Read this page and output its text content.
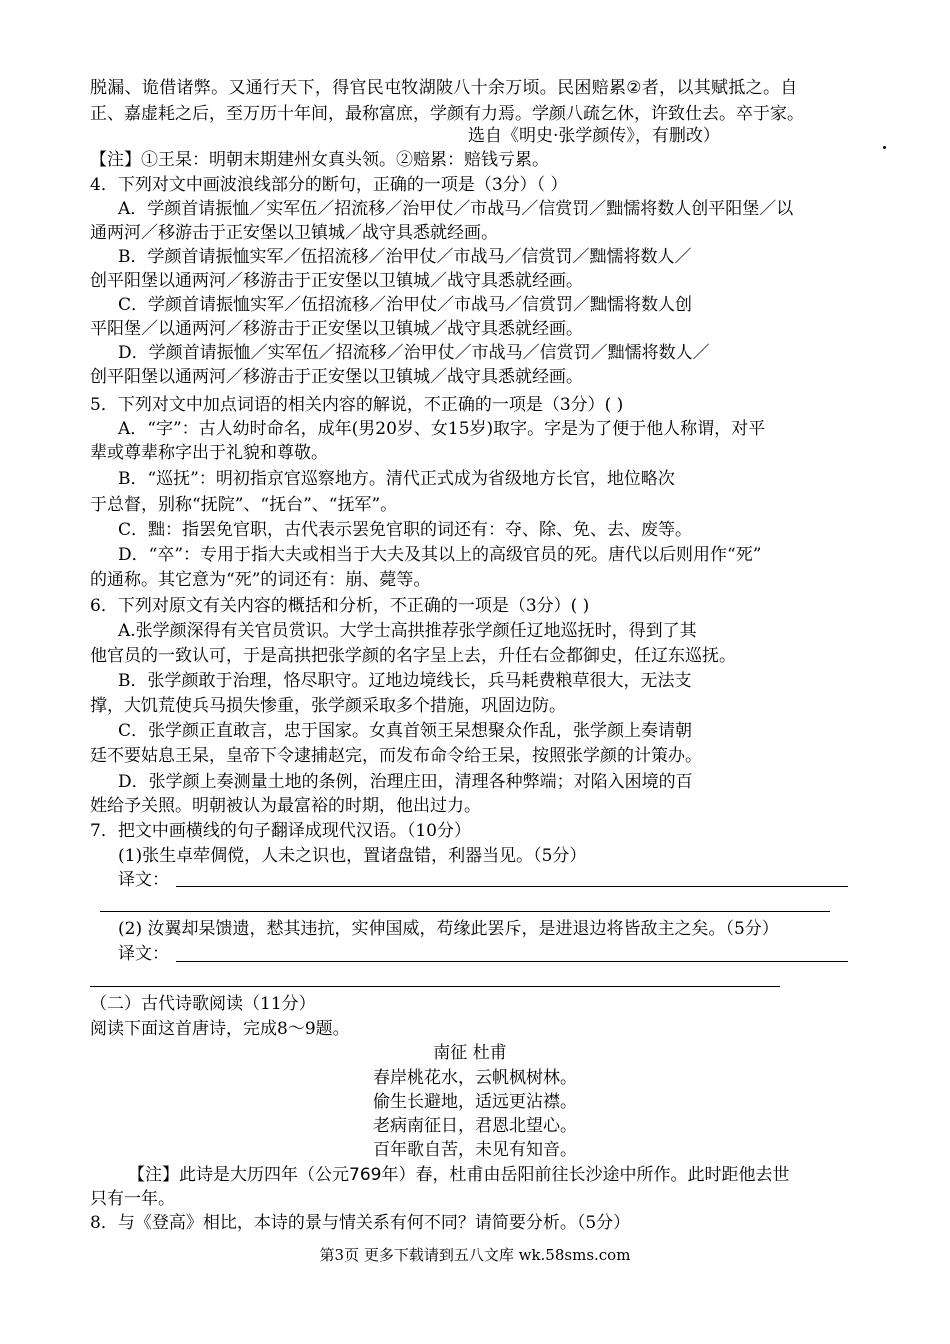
脱漏、诡借诸弊。又通行天下，得官民屯牧湖陂八十余万顷。民困赔累②者，以其赋抵之。自
正、嘉虚耗之后，至万历十年间，最称富庶，学颜有力焉。学颜八疏乞休，许致仕去。卒于家。
选自《明史·张学颜传》，有删改）
【注】①王杲：明朝末期建州女真头领。②赔累：赔钱亏累。
4．下列对文中画波浪线部分的断句，正确的一项是（3分）（ ）
A．学颜首请振恤／实军伍／招流移／治甲仗／市战马／信赏罚／黜懦将数人创平阳堡／以
通两河／移游击于正安堡以卫镇城／战守具悉就经画。
B．学颜首请振恤实军／伍招流移／治甲仗／市战马／信赏罚／黜懦将数人／
创平阳堡以通两河／移游击于正安堡以卫镇城／战守具悉就经画。
C．学颜首请振恤实军／伍招流移／治甲仗／市战马／信赏罚／黜懦将数人创
平阳堡／以通两河／移游击于正安堡以卫镇城／战守具悉就经画。
D．学颜首请振恤／实军伍／招流移／治甲仗／市战马／信赏罚／黜懦将数人／
创平阳堡以通两河／移游击于正安堡以卫镇城／战守具悉就经画。
5．下列对文中加点词语的相关内容的解说，不正确的一项是（3分）( )
A．“字”：古人幼时命名，成年(男20岁、女15岁)取字。字是为了便于他人称谓，对平
辈或尊辈称字出于礼貌和尊敬。
B．“巡抚”：明初指京官巡察地方。清代正式成为省级地方长官，地位略次
于总督，别称“抚院”、“抚台”、“抚军”。
C．黜：指罢免官职，古代表示罢免官职的词还有：夺、除、免、去、废等。
D．“卒”：专用于指大夫或相当于大夫及其以上的高级官员的死。唐代以后则用作“死”
的通称。其它意为“死”的词还有：崩、薨等。
6．下列对原文有关内容的概括和分析，不正确的一项是（3分）( )
A.张学颜深得有关官员赏识。大学士高拱推荐张学颜任辽地巡抚时，得到了其
他官员的一致认可，于是高拱把张学颜的名字呈上去，升任右佥都御史，任辽东巡抚。
B．张学颜敢于治理，恪尽职守。辽地边境线长，兵马耗费粮草很大，无法支
撑，大饥荒使兵马损失惨重，张学颜采取多个措施，巩固边防。
C．张学颜正直敢言，忠于国家。女真首领王杲想聚众作乱，张学颜上奏请朝
廷不要姑息王杲，皇帝下令逮捕赵完，而发布命令给王杲，按照张学颜的计策办。
D．张学颜上奏测量土地的条例，治理庄田，清理各种弊端；对陷入困境的百
姓给予关照。明朝被认为最富裕的时期，他出过力。
7．把文中画横线的句子翻译成现代汉语。（10分）
(1)张生卓荦倜傥，人未之识也，置诸盘错，利器当见。（5分）
译文：
(2) 汝翼却杲馈遗，慭其违抗，实伸国威，苟缘此罢斥，是进退边将皆敌主之矣。（5分）
译文：
（二）古代诗歌阅读（11分）
阅读下面这首唐诗，完成8～9题。
南征 杜甫
春岸桃花水，云帆枫树林。
偷生长避地，适远更沾襟。
老病南征日，君恩北望心。
百年歌自苦，未见有知音。
【注】此诗是大历四年（公元769年）春，杜甫由岳阳前往长沙途中所作。此时距他去世
只有一年。
8．与《登高》相比，本诗的景与情关系有何不同？请简要分析。（5分）
第3页 更多下载请到五八文库 wk.58sms.com
